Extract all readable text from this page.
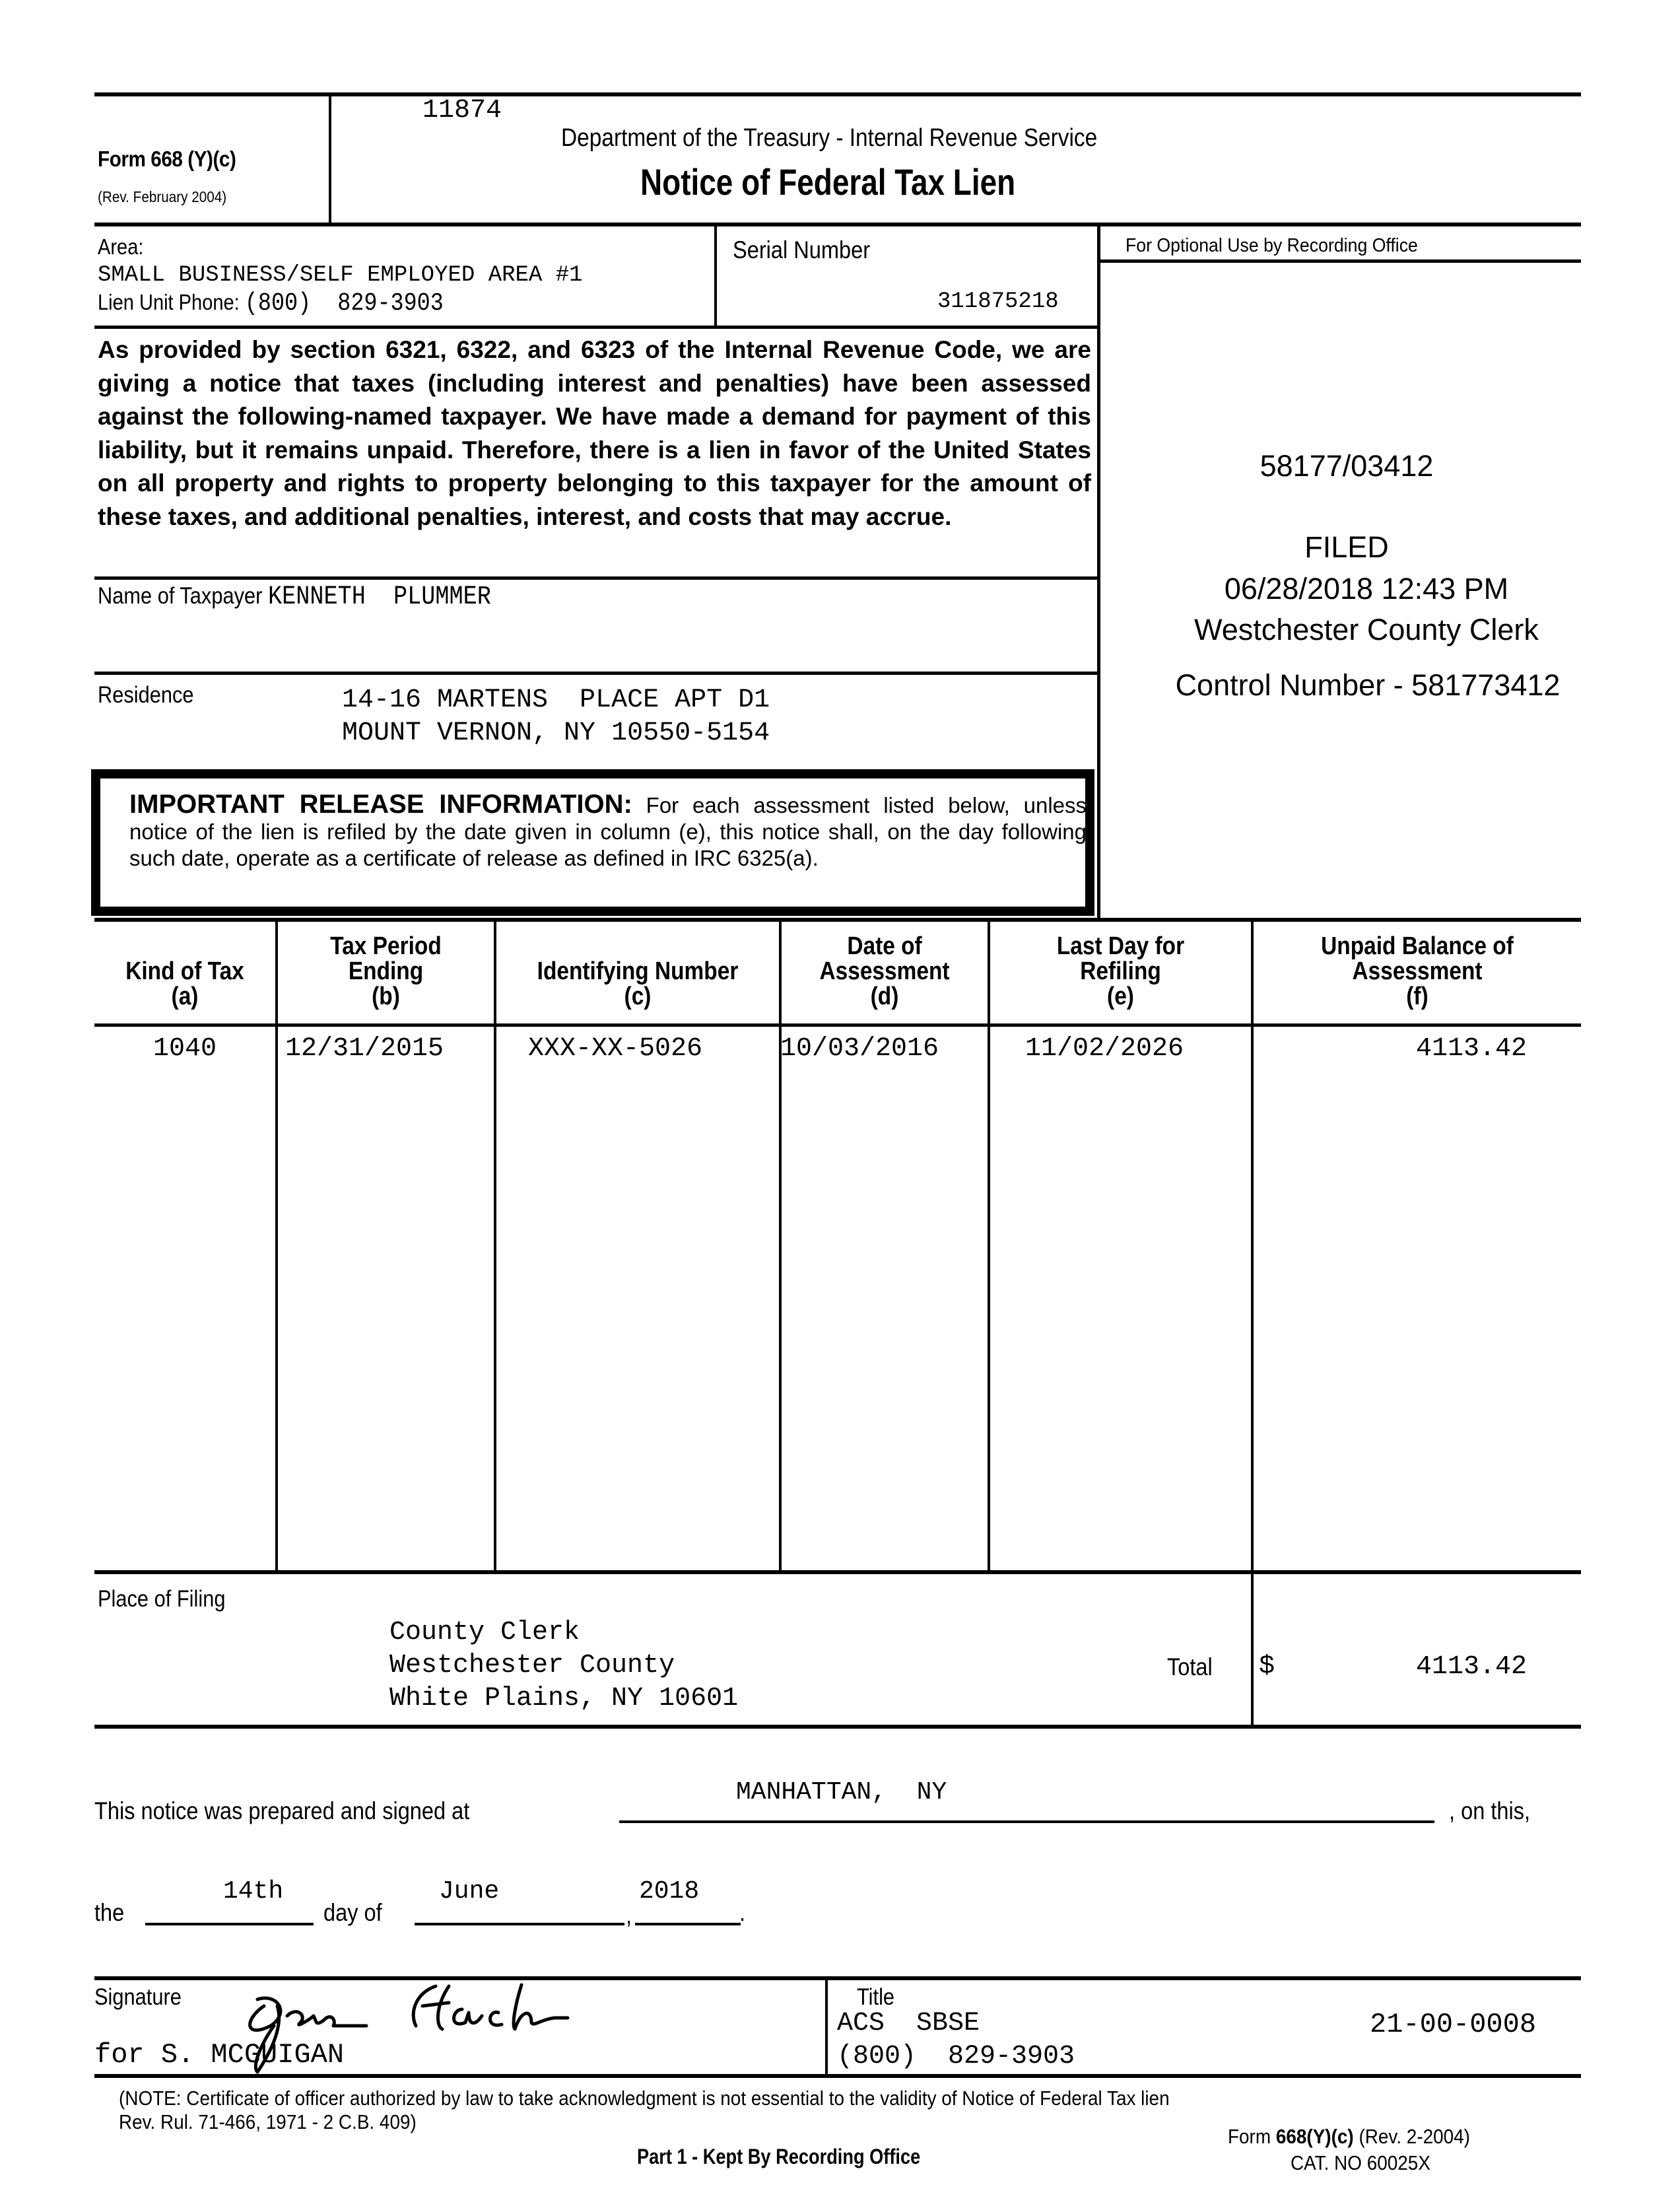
Form 668 (Y)(c)
(Rev. February 2004)
11874
Department of the Treasury - Internal Revenue Service
Notice of Federal Tax Lien
Area:
SMALL BUSINESS/SELF EMPLOYED AREA #1
Lien Unit Phone: (800)  829-3903
Serial Number
311875218
For Optional Use by Recording Office
58177/03412
FILED
06/28/2018 12:43 PM
Westchester County Clerk
Control Number - 581773412
As provided by section 6321, 6322, and 6323 of the Internal Revenue Code, we are giving a notice that taxes (including interest and penalties) have been assessed against the following-named taxpayer. We have made a demand for payment of this liability, but it remains unpaid. Therefore, there is a lien in favor of the United States on all property and rights to property belonging to this taxpayer for the amount of these taxes, and additional penalties, interest, and costs that may accrue.
Name of Taxpayer KENNETH  PLUMMER
Residence	14-16 MARTENS  PLACE APT D1
MOUNT VERNON, NY 10550-5154
IMPORTANT RELEASE INFORMATION: For each assessment listed below, unless notice of the lien is refiled by the date given in column (e), this notice shall, on the day following such date, operate as a certificate of release as defined in IRC 6325(a).
Kind of Tax
(a)
Tax Period Ending
(b)
Identifying Number
(c)
Date of Assessment
(d)
Last Day for Refiling
(e)
Unpaid Balance of Assessment
(f)
1040	12/31/2015	XXX-XX-5026	10/03/2016	11/02/2026	4113.42
Place of Filing
County Clerk
Westchester County
White Plains, NY 10601
Total $	4113.42
This notice was prepared and signed at
MANHATTAN,  NY
, on this,
the
14th
day of
June
,
2018
.
Signature
for S. MCGUIGAN
Title
ACS  SBSE
(800)  829-3903
21-00-0008
(NOTE: Certificate of officer authorized by law to take acknowledgment is not essential to the validity of Notice of Federal Tax lien
Rev. Rul. 71-466, 1971 - 2 C.B. 409)
Part 1 - Kept By Recording Office
Form 668(Y)(c) (Rev. 2-2004)
CAT. NO 60025X
